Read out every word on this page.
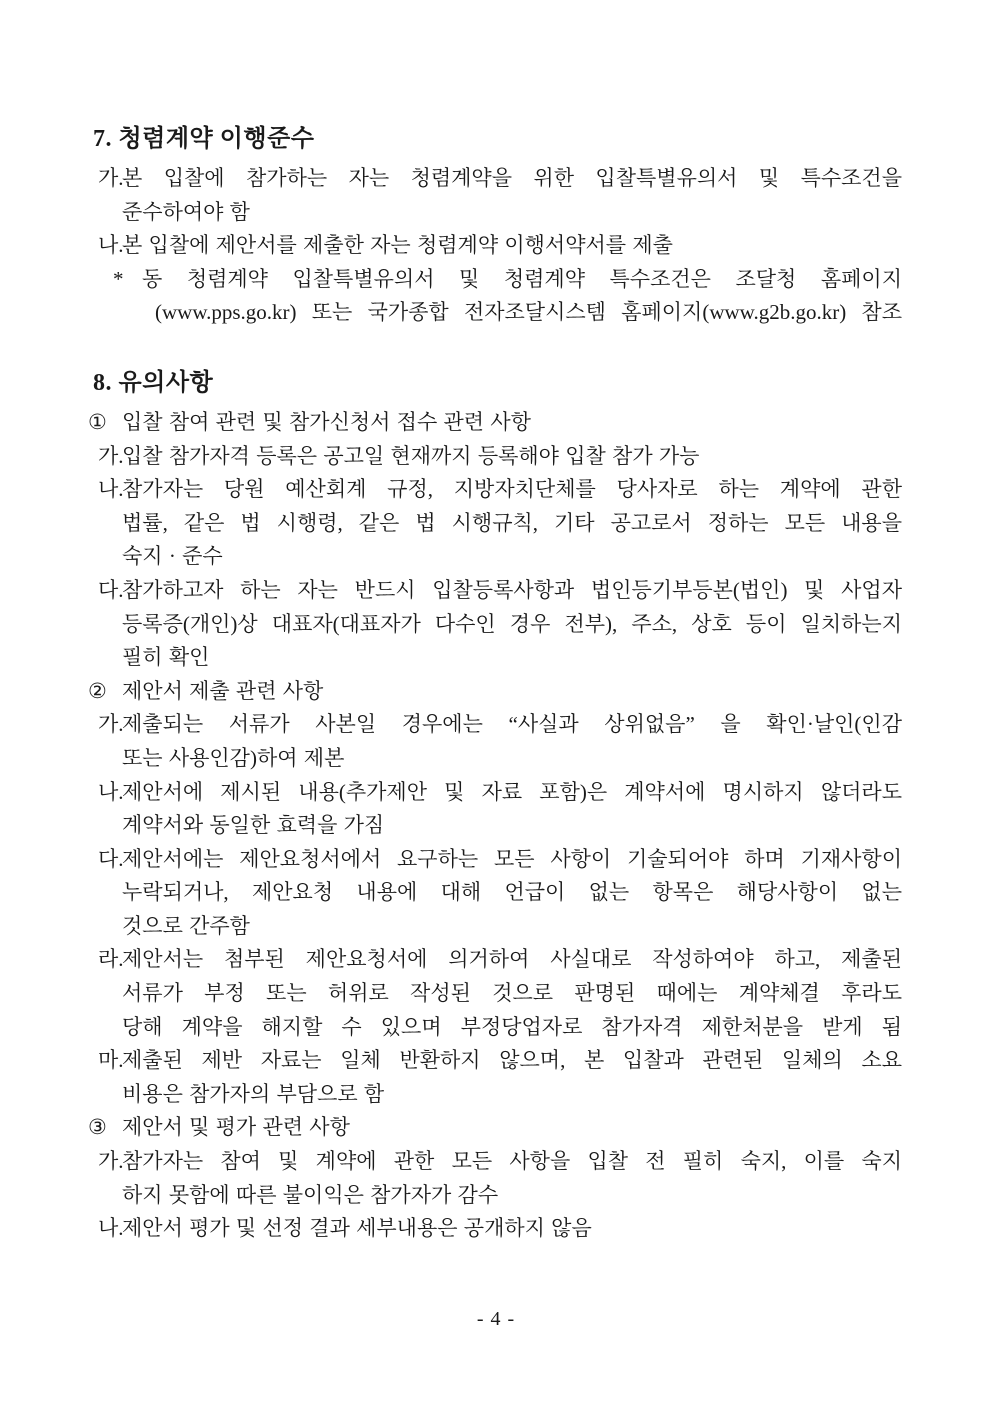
7. 청렴계약 이행준수
가.본 입찰에 참가하는 자는 청렴계약을 위한 입찰특별유의서 및 특수조건을
준수하여야 함
나.본 입찰에 제안서를 제출한 자는 청렴계약 이행서약서를 제출
* 동 청렴계약 입찰특별유의서 및 청렴계약 특수조건은 조달청 홈페이지
(www.pps.go.kr) 또는 국가종합 전자조달시스템 홈페이지(www.g2b.go.kr) 참조
8. 유의사항
① 입찰 참여 관련 및 참가신청서 접수 관련 사항
가.입찰 참가자격 등록은 공고일 현재까지 등록해야 입찰 참가 가능
나.참가자는 당원 예산회계 규정, 지방자치단체를 당사자로 하는 계약에 관한
법률, 같은 법 시행령, 같은 법 시행규칙, 기타 공고로서 정하는 모든 내용을
숙지 · 준수
다.참가하고자 하는 자는 반드시 입찰등록사항과 법인등기부등본(법인) 및 사업자
등록증(개인)상 대표자(대표자가 다수인 경우 전부), 주소, 상호 등이 일치하는지
필히 확인
② 제안서 제출 관련 사항
가.제출되는 서류가 사본일 경우에는 “사실과 상위없음” 을 확인·날인(인감
또는 사용인감)하여 제본
나.제안서에 제시된 내용(추가제안 및 자료 포함)은 계약서에 명시하지 않더라도
계약서와 동일한 효력을 가짐
다.제안서에는 제안요청서에서 요구하는 모든 사항이 기술되어야 하며 기재사항이
누락되거나, 제안요청 내용에 대해 언급이 없는 항목은 해당사항이 없는
것으로 간주함
라.제안서는 첨부된 제안요청서에 의거하여 사실대로 작성하여야 하고, 제출된
서류가 부정 또는 허위로 작성된 것으로 판명된 때에는 계약체결 후라도
당해 계약을 해지할 수 있으며 부정당업자로 참가자격 제한처분을 받게 됨
마.제출된 제반 자료는 일체 반환하지 않으며, 본 입찰과 관련된 일체의 소요
비용은 참가자의 부담으로 함
③ 제안서 및 평가 관련 사항
가.참가자는 참여 및 계약에 관한 모든 사항을 입찰 전 필히 숙지, 이를 숙지
하지 못함에 따른 불이익은 참가자가 감수
나.제안서 평가 및 선정 결과 세부내용은 공개하지 않음
- 4 -
